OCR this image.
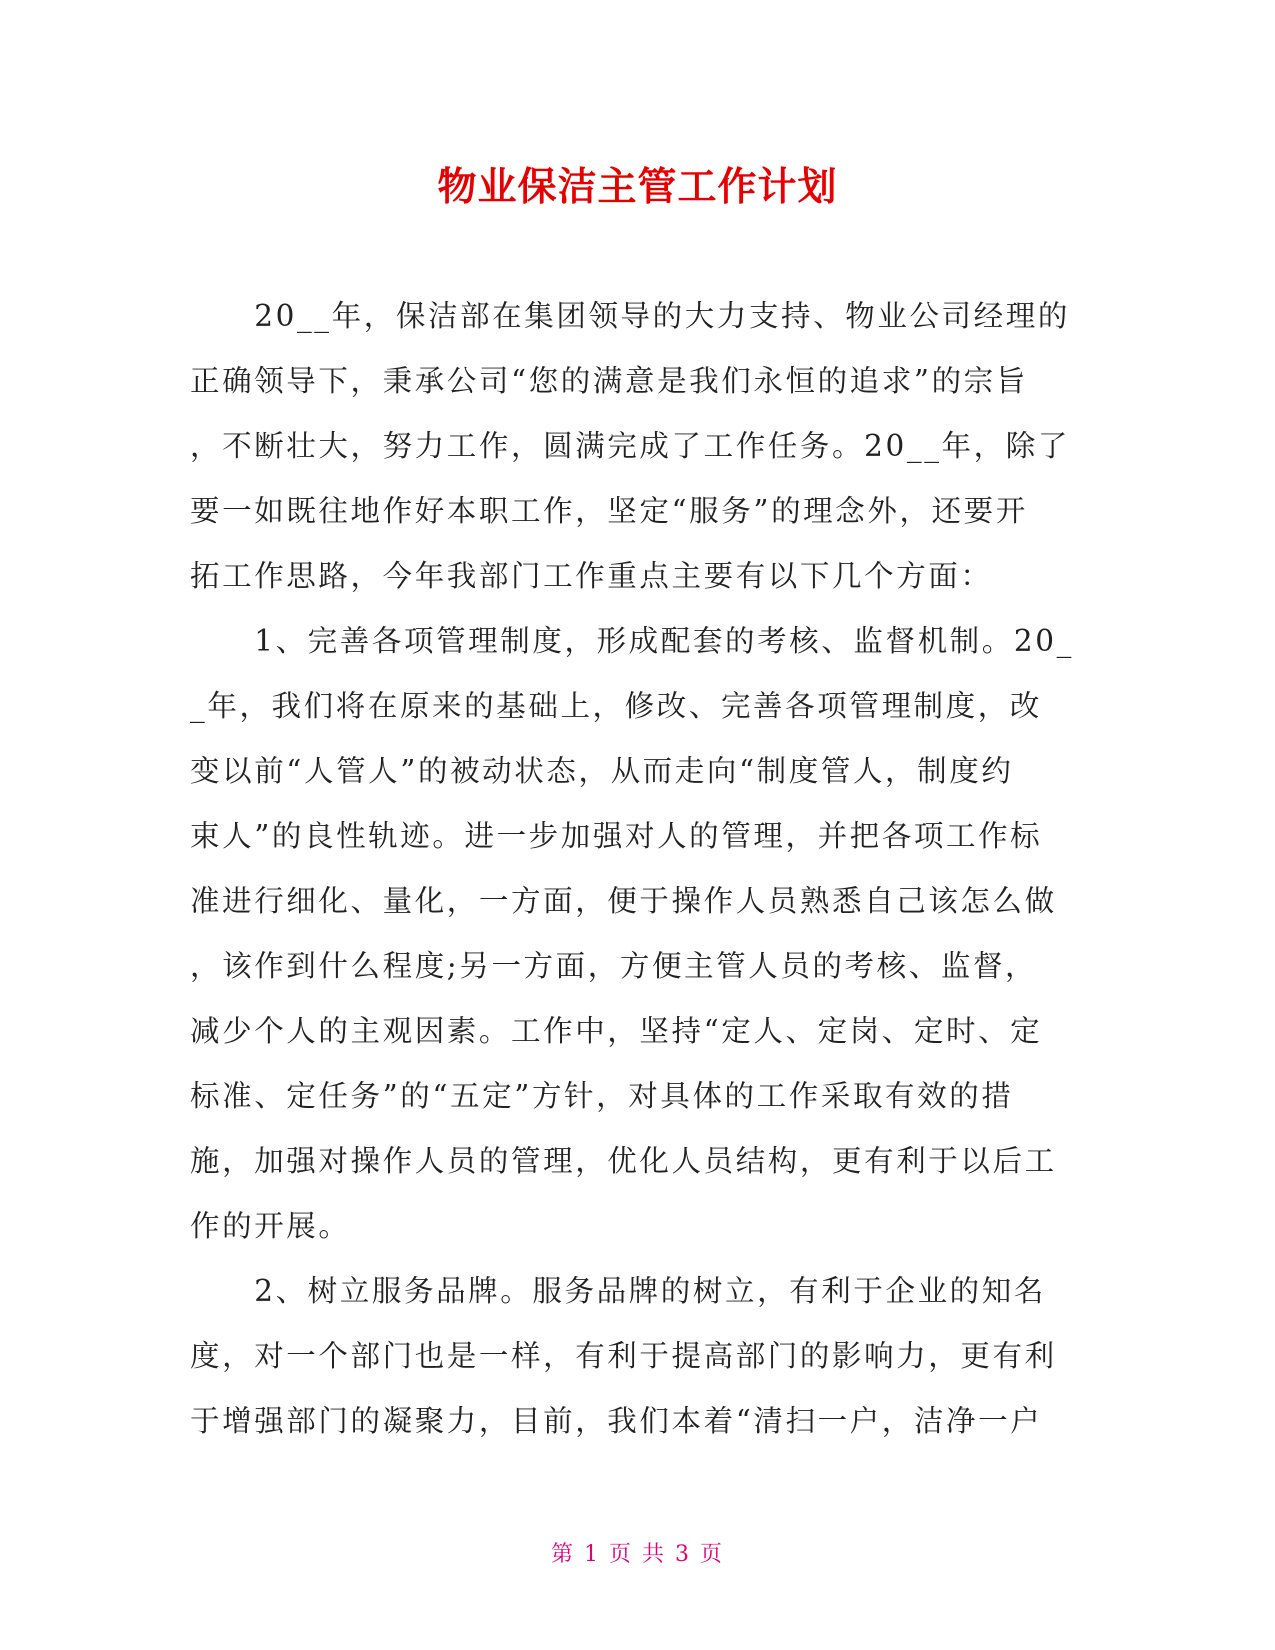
物业保洁主管工作计划
　　20__年，保洁部在集团领导的大力支持、物业公司经理的
正确领导下，秉承公司“您的满意是我们永恒的追求”的宗旨
，不断壮大，努力工作，圆满完成了工作任务。20__年，除了
要一如既往地作好本职工作，坚定“服务”的理念外，还要开
拓工作思路，今年我部门工作重点主要有以下几个方面：
　　1、完善各项管理制度，形成配套的考核、监督机制。20_
_年，我们将在原来的基础上，修改、完善各项管理制度，改
变以前“人管人”的被动状态，从而走向“制度管人，制度约
束人”的良性轨迹。进一步加强对人的管理，并把各项工作标
准进行细化、量化，一方面，便于操作人员熟悉自己该怎么做
，该作到什么程度;另一方面，方便主管人员的考核、监督，
减少个人的主观因素。工作中，坚持“定人、定岗、定时、定
标准、定任务”的“五定”方针，对具体的工作采取有效的措
施，加强对操作人员的管理，优化人员结构，更有利于以后工
作的开展。
　　2、树立服务品牌。服务品牌的树立，有利于企业的知名
度，对一个部门也是一样，有利于提高部门的影响力，更有利
于增强部门的凝聚力，目前，我们本着“清扫一户，洁净一户
第 1 页 共 3 页
